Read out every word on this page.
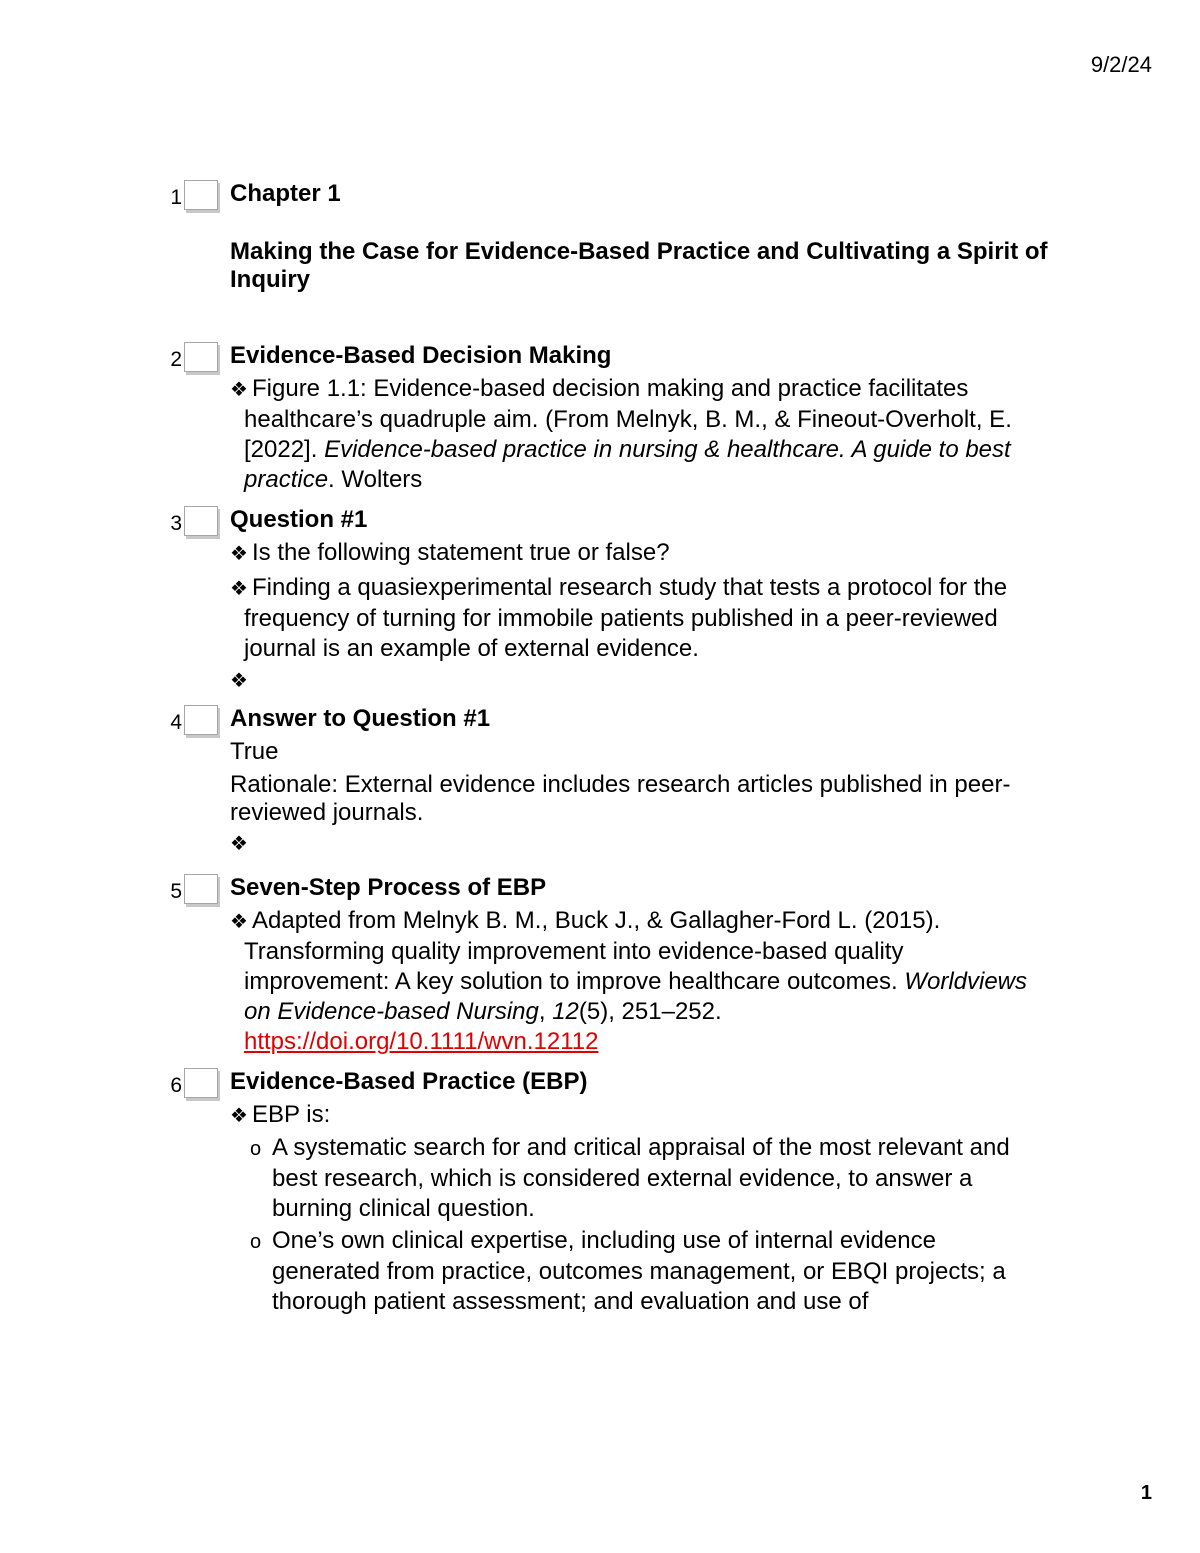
9/2/24
1 Chapter 1

Making the Case for Evidence-Based Practice and Cultivating a Spirit of Inquiry

2 Evidence-Based Decision Making

❖ Figure 1.1: Evidence-based decision making and practice facilitates healthcare’s quadruple aim. (From Melnyk, B. M., & Fineout-Overholt, E. [2022]. Evidence-based practice in nursing & healthcare. A guide to best practice. Wolters

3 Question #1

❖ Is the following statement true or false?

❖ Finding a quasiexperimental research study that tests a protocol for the frequency of turning for immobile patients published in a peer-reviewed journal is an example of external evidence.

❖

4 Answer to Question #1

True

Rationale: External evidence includes research articles published in peer-reviewed journals.

❖

5 Seven-Step Process of EBP

❖ Adapted from Melnyk B. M., Buck J., & Gallagher-Ford L. (2015). Transforming quality improvement into evidence-based quality improvement: A key solution to improve healthcare outcomes. Worldviews on Evidence-based Nursing, 12(5), 251–252.
https://doi.org/10.1111/wvn.12112

6 Evidence-Based Practice (EBP)

❖ EBP is:

o A systematic search for and critical appraisal of the most relevant and best research, which is considered external evidence, to answer a burning clinical question.

o One’s own clinical expertise, including use of internal evidence generated from practice, outcomes management, or EBQI projects; a thorough patient assessment; and evaluation and use of

1
